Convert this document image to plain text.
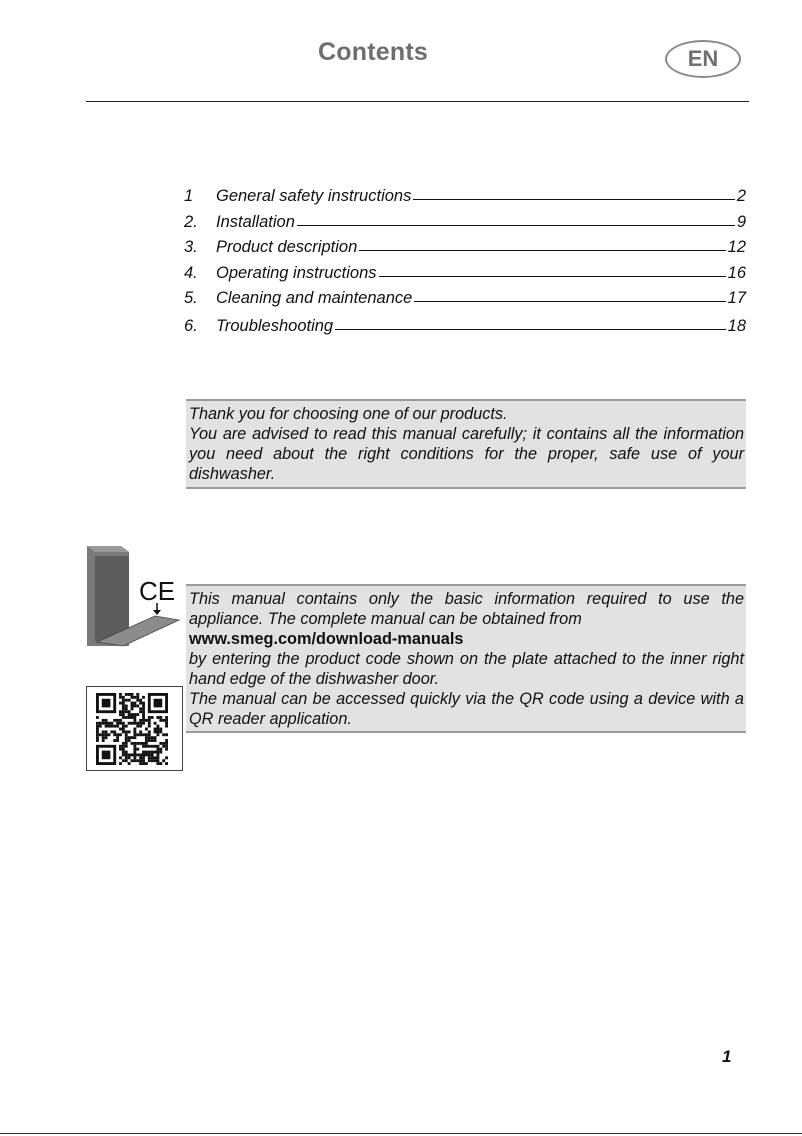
Contents	EN
1	General safety instructions	2
2.	Installation	9
3.	Product description	12
4.	Operating instructions	16
5.	Cleaning and maintenance	17
6.	Troubleshooting	18

Thank you for choosing one of our products.

You are advised to read this manual carefully; it contains all the information you need about the right conditions for the proper, safe use of your dishwasher.

CE This manual contains only the basic information required to use the appliance. The complete manual can be obtained from

www.smeg.com/download-manuals

by entering the product code shown on the plate attached to the inner right hand edge of the dishwasher door.

The manual can be accessed quickly via the QR code using a device with a QR reader application.

1
